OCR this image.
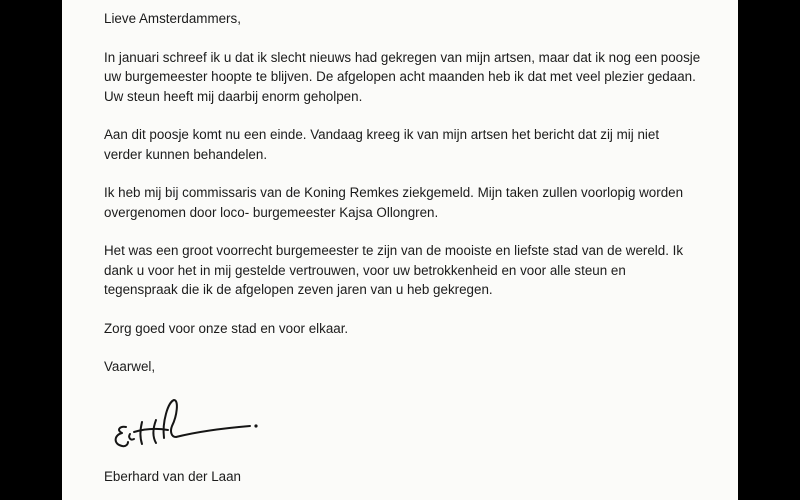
Lieve Amsterdammers,

In januari schreef ik u dat ik slecht nieuws had gekregen van mijn artsen, maar dat ik nog een poosje
uw burgemeester hoopte te blijven. De afgelopen acht maanden heb ik dat met veel plezier gedaan.
Uw steun heeft mij daarbij enorm geholpen.

Aan dit poosje komt nu een einde. Vandaag kreeg ik van mijn artsen het bericht dat zij mij niet
verder kunnen behandelen.

Ik heb mij bij commissaris van de Koning Remkes ziekgemeld. Mijn taken zullen voorlopig worden
overgenomen door loco- burgemeester Kajsa Ollongren.

Het was een groot voorrecht burgemeester te zijn van de mooiste en liefste stad van de wereld. Ik
dank u voor het in mij gestelde vertrouwen, voor uw betrokkenheid en voor alle steun en
tegenspraak die ik de afgelopen zeven jaren van u heb gekregen.

Zorg goed voor onze stad en voor elkaar.

Vaarwel,

Eberhard van der Laan
